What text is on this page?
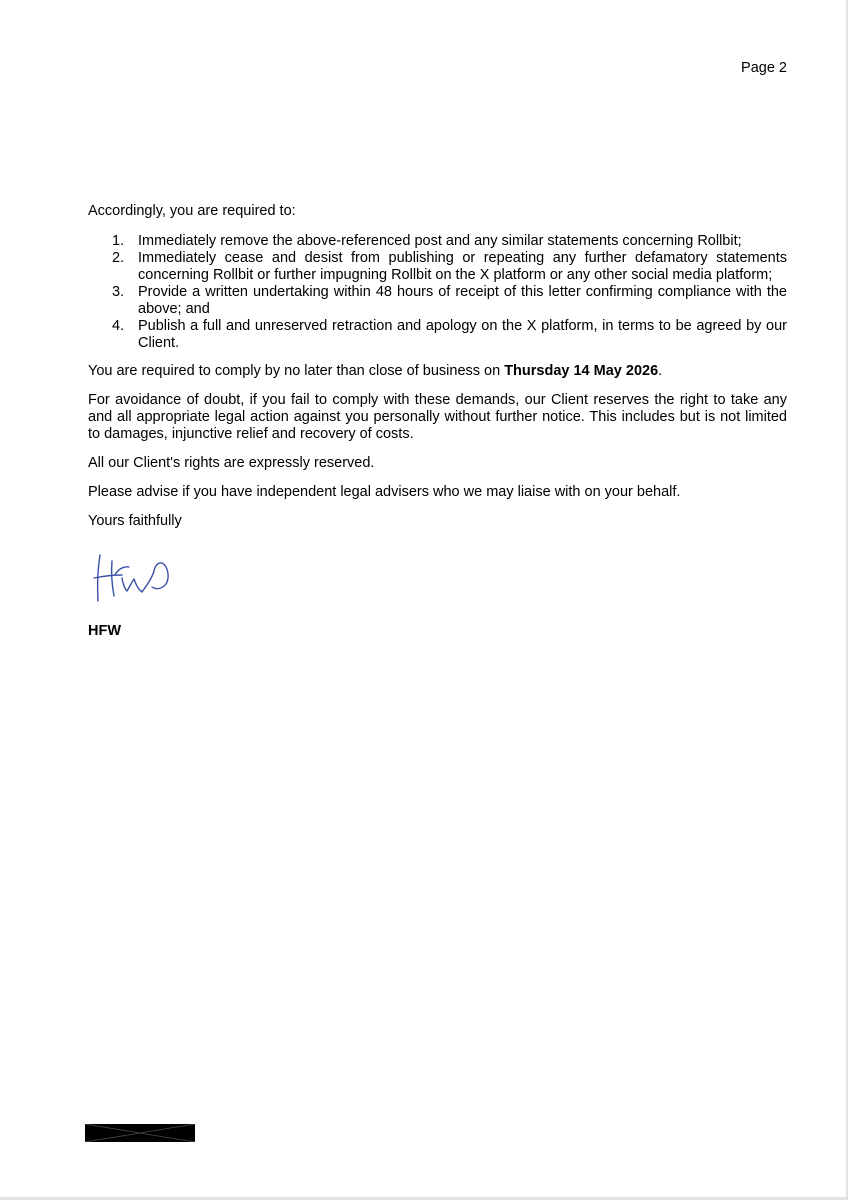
Page 2

Accordingly, you are required to:

1. Immediately remove the above-referenced post and any similar statements concerning Rollbit;
2. Immediately cease and desist from publishing or repeating any further defamatory statements concerning Rollbit or further impugning Rollbit on the X platform or any other social media platform;
3. Provide a written undertaking within 48 hours of receipt of this letter confirming compliance with the above; and
4. Publish a full and unreserved retraction and apology on the X platform, in terms to be agreed by our Client.

You are required to comply by no later than close of business on Thursday 14 May 2026.

For avoidance of doubt, if you fail to comply with these demands, our Client reserves the right to take any and all appropriate legal action against you personally without further notice. This includes but is not limited to damages, injunctive relief and recovery of costs.

All our Client's rights are expressly reserved.

Please advise if you have independent legal advisers who we may liaise with on your behalf.

Yours faithfully

HFW
